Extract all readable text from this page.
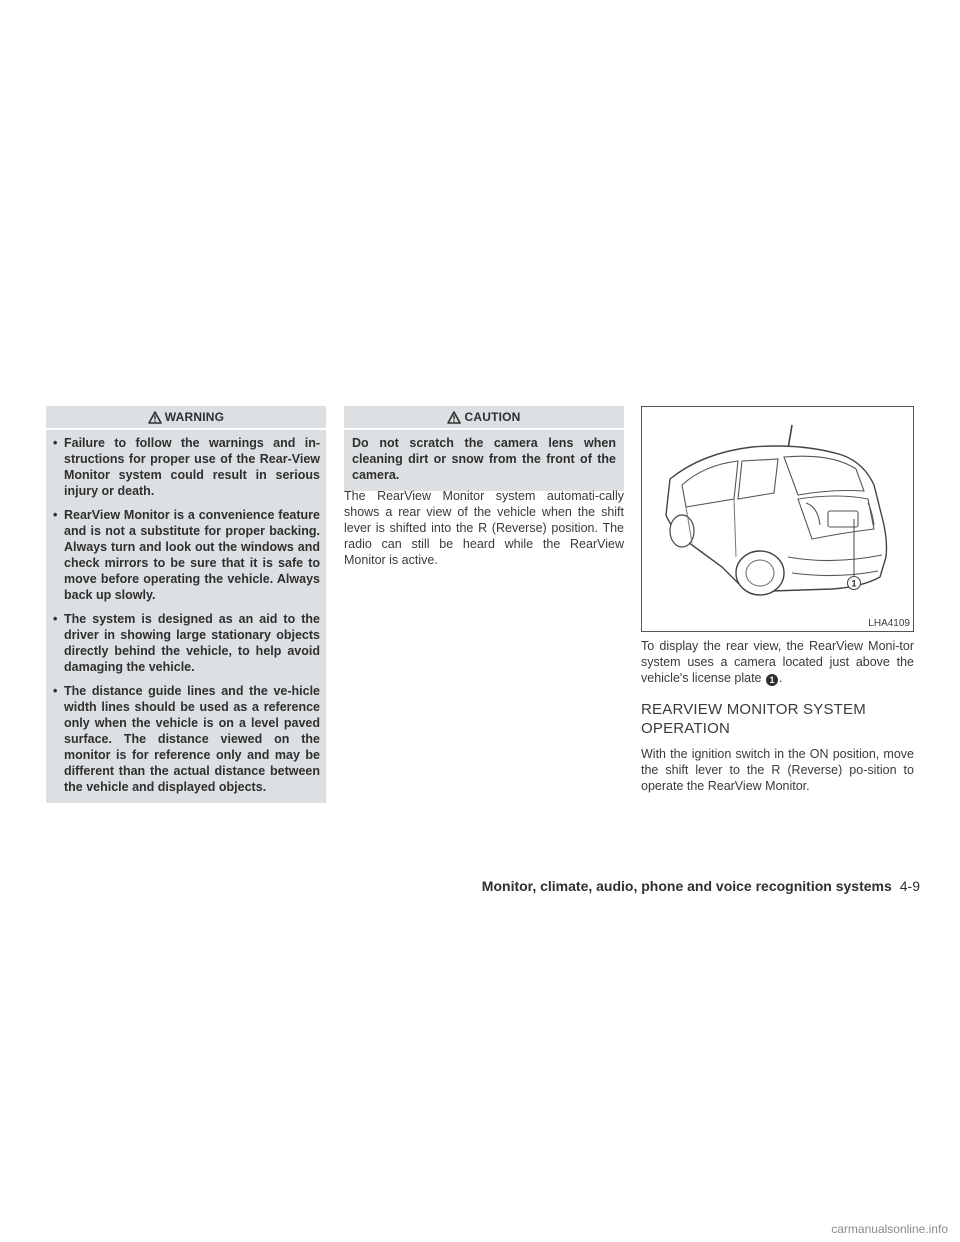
WARNING
• Failure to follow the warnings and in-structions for proper use of the Rear-View Monitor system could result in serious injury or death.
• RearView Monitor is a convenience feature and is not a substitute for proper backing. Always turn and look out the windows and check mirrors to be sure that it is safe to move before operating the vehicle. Always back up slowly.
• The system is designed as an aid to the driver in showing large stationary objects directly behind the vehicle, to help avoid damaging the vehicle.
• The distance guide lines and the ve-hicle width lines should be used as a reference only when the vehicle is on a level paved surface. The distance viewed on the monitor is for reference only and may be different than the actual distance between the vehicle and displayed objects.
CAUTION
Do not scratch the camera lens when cleaning dirt or snow from the front of the camera.

The RearView Monitor system automati-cally shows a rear view of the vehicle when the shift lever is shifted into the R (Reverse) position. The radio can still be heard while the RearView Monitor is active.

1
LHA4109

To display the rear view, the RearView Moni-tor system uses a camera located just above the vehicle's license plate 1 .

REARVIEW MONITOR SYSTEM
OPERATION

With the ignition switch in the ON position, move the shift lever to the R (Reverse) po-sition to operate the RearView Monitor.

Monitor, climate, audio, phone and voice recognition systems 4-9
carmanualsonline.info
